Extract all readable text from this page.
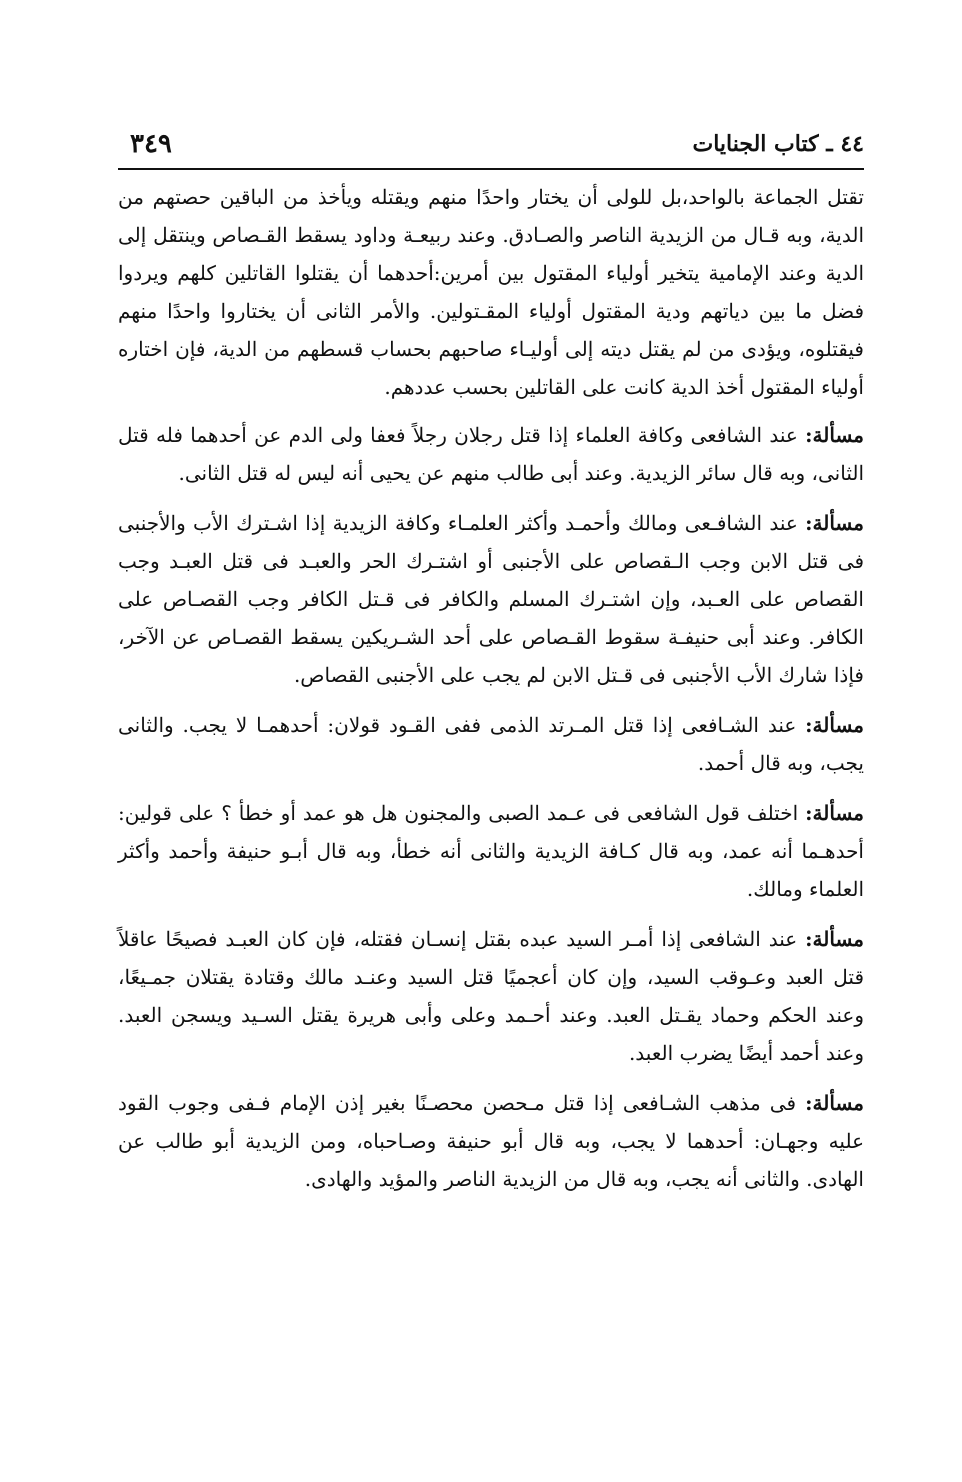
٤٤ ـ كتاب الجنايات
٣٤٩

تقتل الجماعة بالواحد،بل للولى أن يختار واحدًا منهم ويقتله ويأخذ من الباقين حصتهم من الدية، وبه قـال من الزيدية الناصر والصـادق. وعند ربيعـة وداود يسقط القـصاص وينتقل إلى الدية وعند الإمامية يتخير أولياء المقتول بين أمرين:أحدهما أن يقتلوا القاتلين كلهم ويردوا فضل ما بين دياتهم ودية المقتول أولياء المقـتولين. والأمر الثانى أن يختاروا واحدًا منهم فيقتلوه، ويؤدى من لم يقتل ديته إلى أوليـاء صاحبهم بحساب قسطهم من الدية، فإن اختاره أولياء المقتول أخذ الدية كانت على القاتلين بحسب عددهم.

مسألة: عند الشافعى وكافة العلماء إذا قتل رجلان رجلاً فعفا ولى الدم عن أحدهما فله قتل الثانى، وبه قال سائر الزيدية. وعند أبى طالب منهم عن يحيى أنه ليس له قتل الثانى.

مسألة: عند الشافـعى ومالك وأحمـد وأكثر العلمـاء وكافة الزيدية إذا اشـترك الأب والأجنبى فى قتل الابن وجب الـقصاص على الأجنبى أو اشتـرك الحر والعبـد فى قتل العبـد وجب القصاص على العـبد، وإن اشتـرك المسلم والكافر فى قـتل الكافر وجب القصـاص على الكافر. وعند أبى حنيفـة سقوط القـصاص على أحد الشـريكين يسقط القصـاص عن الآخر، فإذا شارك الأب الأجنبى فى قـتل الابن لم يجب على الأجنبى القصاص.

مسألة: عند الشـافعى إذا قتل المـرتد الذمى ففى القـود قولان: أحدهمـا لا يجب. والثانى يجب، وبه قال أحمد.

مسألة: اختلف قول الشافعى فى عـمد الصبى والمجنون هل هو عمد أو خطأ ؟ على قولين: أحدهـما أنه عمد، وبه قال كـافة الزيدية والثانى أنه خطأ، وبه قال أبـو حنيفة وأحمد وأكثر العلماء ومالك.

مسألة: عند الشافعى إذا أمـر السيد عبده بقتل إنسـان فقتله، فإن كان العبـد فصيحًا عاقلاً قتل العبد وعـوقب السيد، وإن كان أعجميًا قتل السيد وعنـد مالك وقتادة يقتلان جمـيعًا، وعند الحكم وحماد يقـتل العبد. وعند أحـمد وعلى وأبى هريرة يقتل السـيد ويسجن العبد. وعند أحمد أيضًا يضرب العبد.

مسألة: فى مذهب الشـافعى إذا قتل مـحصن محصـنًا بغير إذن الإمام فـفى وجوب القود عليه وجهـان: أحدهما لا يجب، وبه قال أبو حنيفة وصـاحباه، ومن الزيدية أبو طالب عن الهادى. والثانى أنه يجب، وبه قال من الزيدية الناصر والمؤيد والهادى.
